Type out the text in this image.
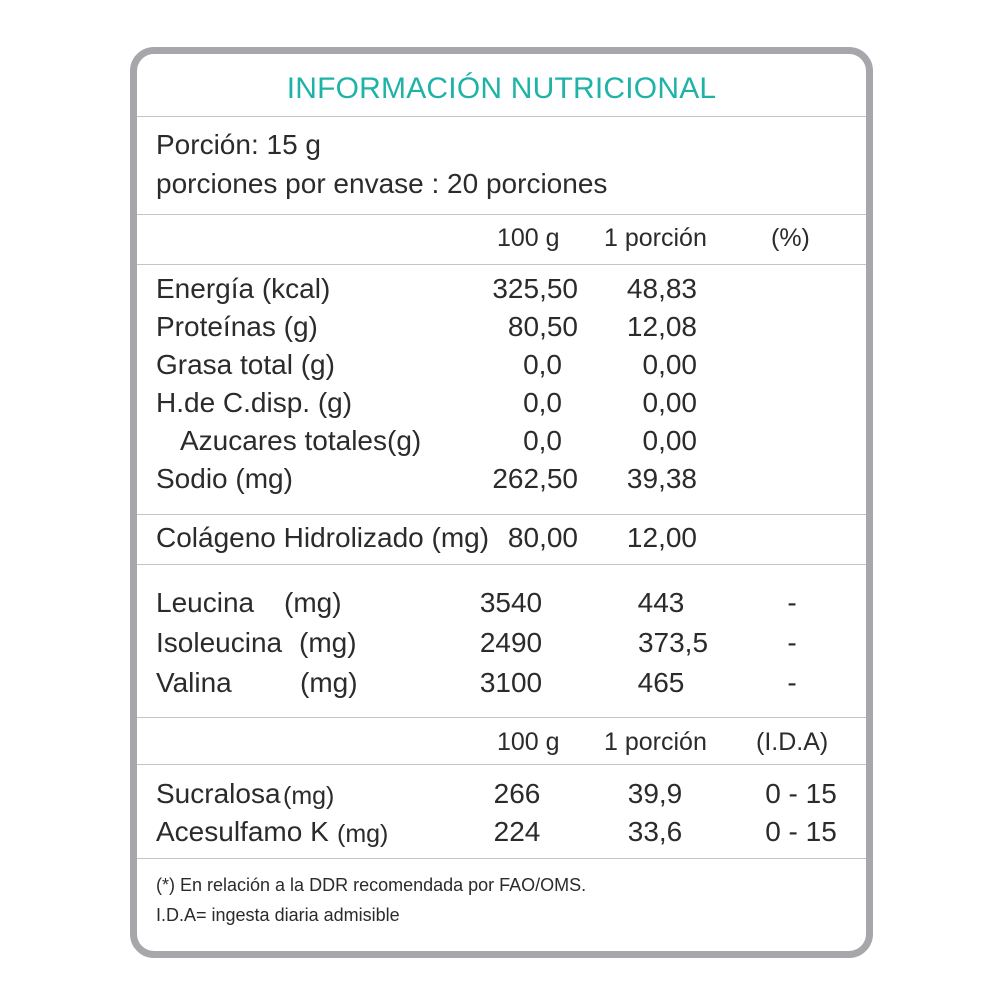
INFORMACIÓN NUTRICIONAL
Porción: 15 g
porciones por envase : 20 porciones
100 g 1 porción	(%)
Energía (kcal)	325,50	48,83
Proteínas (g)	80,50	12,08
Grasa total (g)	0,0	0,00
H.de C.disp. (g)	0,0	0,00
Azucares totales(g)	0,0	0,00
Sodio (mg)	262,50	39,38
Colágeno Hidrolizado (mg) 80,00	12,00
Leucina (mg)	3540	443	-
Isoleucina (mg)	2490	373,5	-
Valina (mg)	3100	465	-
100 g 1 porción (I.D.A)
Sucralosa (mg)	266	39,9	0 - 15
Acesulfamo K (mg)	224	33,6	0 - 15
(*) En relación a la DDR recomendada por FAO/OMS.
I.D.A= ingesta diaria admisible
